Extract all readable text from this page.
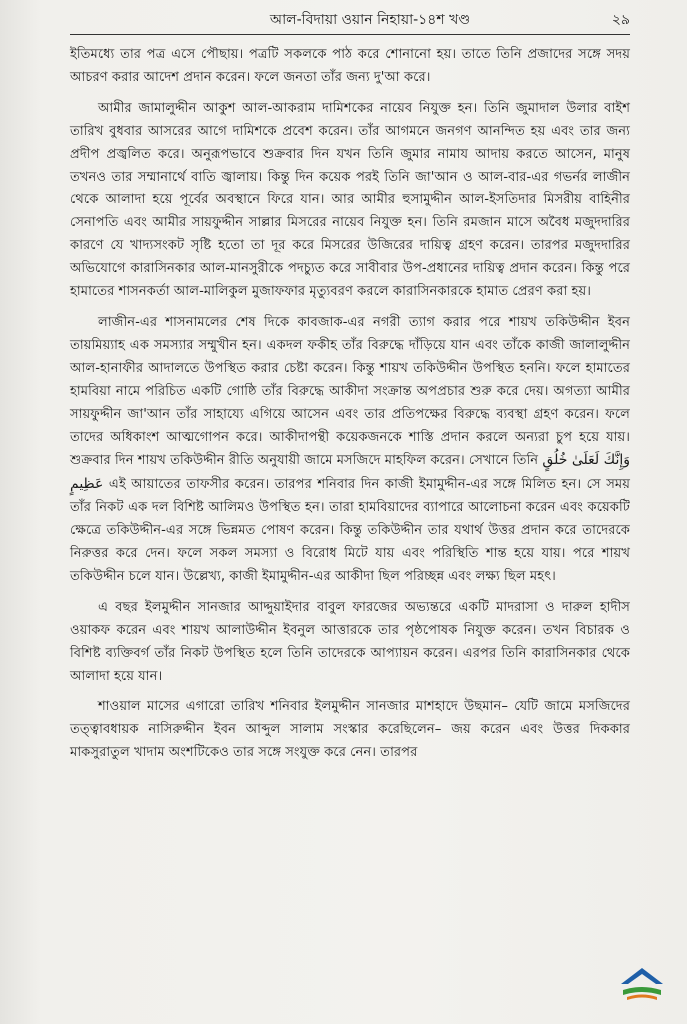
আল-বিদায়া ওয়ান নিহায়া-১৪শ খণ্ড	২৯

ইতিমধ্যে তার পত্র এসে পৌছায়। পত্রটি সকলকে পাঠ করে শোনানো হয়। তাতে তিনি প্রজাদের সঙ্গে সদয় আচরণ করার আদেশ প্রদান করেন। ফলে জনতা তাঁর জন্য দু'আ করে।

আমীর জামালুদ্দীন আকুশ আল-আকরাম দামিশকের নায়েব নিযুক্ত হন। তিনি জুমাদাল উলার বাইশ তারিখ বুধবার আসরের আগে দামিশকে প্রবেশ করেন। তাঁর আগমনে জনগণ আনন্দিত হয় এবং তার জন্য প্রদীপ প্রজ্বলিত করে। অনুরূপভাবে শুক্রবার দিন যখন তিনি জুমার নামায আদায় করতে আসেন, মানুষ তখনও তার সম্মানার্থে বাতি জ্বালায়। কিন্তু দিন কয়েক পরই তিনি জা'আন ও আল-বার-এর গভর্নর লাজীন থেকে আলাদা হয়ে পূর্বের অবস্থানে ফিরে যান। আর আমীর হুসামুদ্দীন আল-ইসতিদার মিসরীয় বাহিনীর সেনাপতি এবং আমীর সায়ফুদ্দীন সাল্লার মিসরের নায়েব নিযুক্ত হন। তিনি রমজান মাসে অবৈধ মজুদদারির কারণে যে খাদ্যসংকট সৃষ্টি হতো তা দূর করে মিসরের উজিরের দায়িত্ব গ্রহণ করেন। তারপর মজুদদারির অভিযোগে কারাসিনকার আল-মানসুরীকে পদচ্যুত করে সাবীবার উপ-প্রধানের দায়িত্ব প্রদান করেন। কিন্তু পরে হামাতের শাসনকর্তা আল-মালিকুল মুজাফফার মৃত্যুবরণ করলে কারাসিনকারকে হামাত প্রেরণ করা হয়।

লাজীন-এর শাসনামলের শেষ দিকে কাবজাক-এর নগরী ত্যাগ করার পরে শায়খ তকিউদ্দীন ইবন তায়মিয়্যাহ এক সমস্যার সম্মুখীন হন। একদল ফকীহ তাঁর বিরুদ্ধে দাঁড়িয়ে যান এবং তাঁকে কাজী জালালুদ্দীন আল-হানাফীর আদালতে উপস্থিত করার চেষ্টা করেন। কিন্তু শায়খ তকিউদ্দীন উপস্থিত হননি। ফলে হামাতের হামবিয়া নামে পরিচিত একটি গোষ্ঠি তাঁর বিরুদ্ধে আকীদা সংক্রান্ত অপপ্রচার শুরু করে দেয়। অগত্যা আমীর সায়ফুদ্দীন জা'আন তাঁর সাহায্যে এগিয়ে আসেন এবং তার প্রতিপক্ষের বিরুদ্ধে ব্যবস্থা গ্রহণ করেন। ফলে তাদের অধিকাংশ আত্মগোপন করে। আকীদাপন্থী কয়েকজনকে শাস্তি প্রদান করলে অন্যরা চুপ হয়ে যায়। শুক্রবার দিন শায়খ তকিউদ্দীন রীতি অনুযায়ী জামে মসজিদে মাহফিল করেন। সেখানে তিনি وَإِنَّكَ لَعَلَىٰ خُلُقٍ عَظِيمٍ এই আয়াতের তাফসীর করেন। তারপর শনিবার দিন কাজী ইমামুদ্দীন-এর সঙ্গে মিলিত হন। সে সময় তাঁর নিকট এক দল বিশিষ্ট আলিমও উপস্থিত হন। তারা হামবিয়াদের ব্যাপারে আলোচনা করেন এবং কয়েকটি ক্ষেত্রে তকিউদ্দীন-এর সঙ্গে ভিন্নমত পোষণ করেন। কিন্তু তকিউদ্দীন তার যথার্থ উত্তর প্রদান করে তাদেরকে নিরুত্তর করে দেন। ফলে সকল সমস্যা ও বিরোধ মিটে যায় এবং পরিস্থিতি শান্ত হয়ে যায়। পরে শায়খ তকিউদ্দীন চলে যান। উল্লেখ্য, কাজী ইমামুদ্দীন-এর আকীদা ছিল পরিচ্ছন্ন এবং লক্ষ্য ছিল মহৎ।

এ বছর ইলমুদ্দীন সানজার আদ্দুয়াইদার বাবুল ফারজের অভ্যন্তরে একটি মাদরাসা ও দারুল হাদীস ওয়াকফ করেন এবং শায়খ আলাউদ্দীন ইবনুল আত্তারকে তার পৃষ্ঠপোষক নিযুক্ত করেন। তখন বিচারক ও বিশিষ্ট ব্যক্তিবর্গ তাঁর নিকট উপস্থিত হলে তিনি তাদেরকে আপ্যায়ন করেন। এরপর তিনি কারাসিনকার থেকে আলাদা হয়ে যান।

শাওয়াল মাসের এগারো তারিখ শনিবার ইলমুদ্দীন সানজার মাশহাদে উছমান– যেটি জামে মসজিদের তত্ত্বাবধায়ক নাসিরুদ্দীন ইবন আব্দুল সালাম সংস্কার করেছিলেন– জয় করেন এবং উত্তর দিককার মাকসুরাতুল খাদাম অংশটিকেও তার সঙ্গে সংযুক্ত করে নেন। তারপর
